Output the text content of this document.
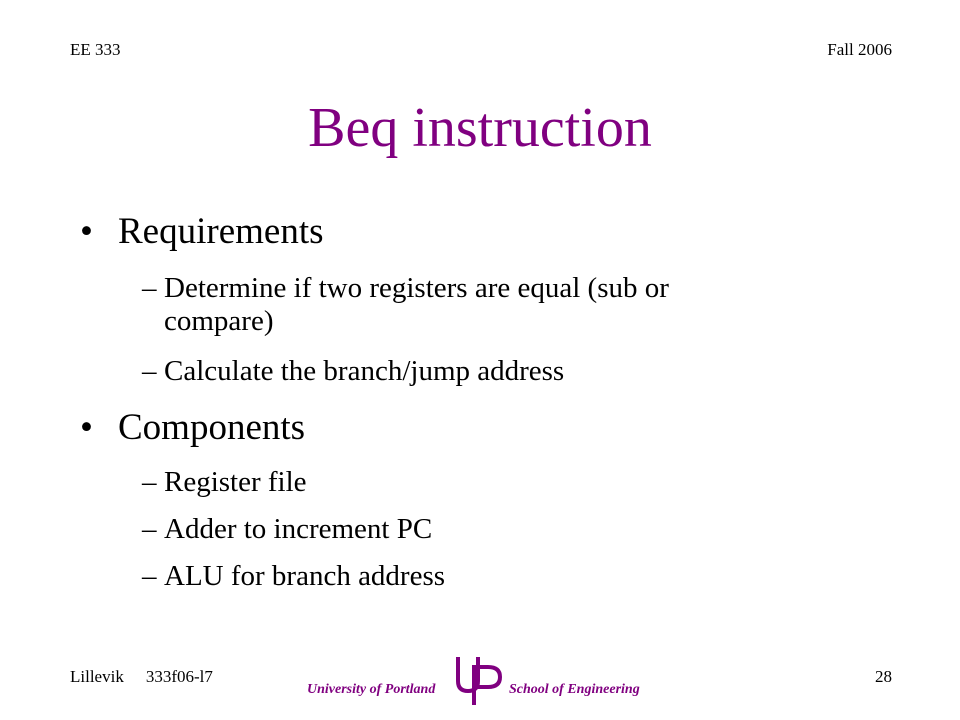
EE 333	Fall 2006
Beq instruction
• Requirements
– Determine if two registers are equal (sub or
compare)
– Calculate the branch/jump address
• Components
– Register file
– Adder to increment PC
– ALU for branch address
Lillevik 333f06-l7	28
University of Portland	School of Engineering
